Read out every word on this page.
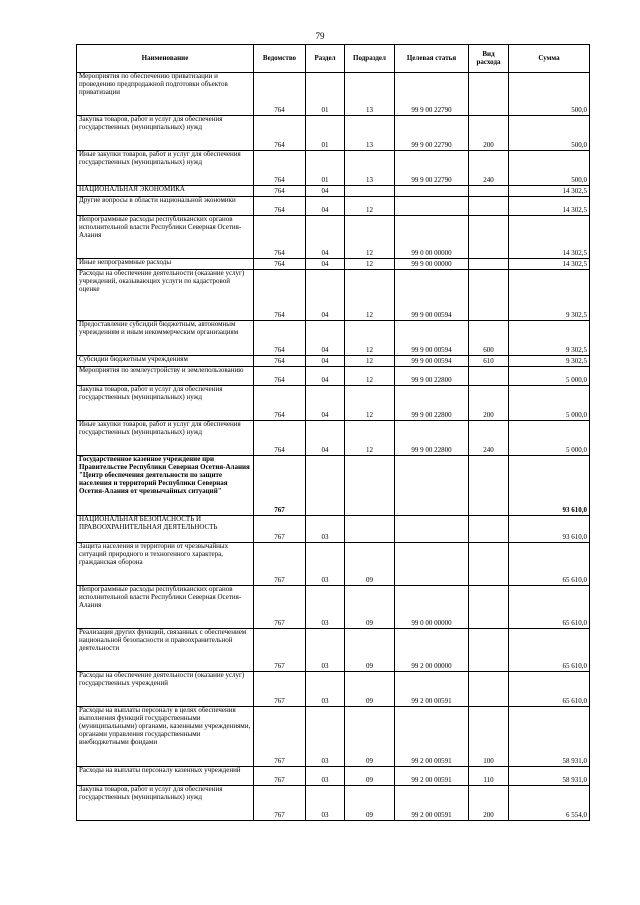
79
Наименование	Ведомство	Раздел	Подраздел	Целевая статья	Вид расхода	Сумма
Мероприятия по обеспечению приватизации и проведению предпродажной подготовки объектов приватизации	764	01	13	99 9 00 22790		500,0
Закупка товаров, работ и услуг для обеспечения государственных (муниципальных) нужд	764	01	13	99 9 00 22790	200	500,0
Иные закупки товаров, работ и услуг для обеспечения государственных (муниципальных) нужд	764	01	13	99 9 00 22790	240	500,0
НАЦИОНАЛЬНАЯ ЭКОНОМИКА	764	04				14 302,5
Другие вопросы в области национальной экономики	764	04	12			14 302,5
Непрограммные расходы республиканских органов исполнительной власти Республики Северная Осетия-Алания	764	04	12	99 0 00 00000		14 302,5
Иные непрограммные расходы	764	04	12	99 9 00 00000		14 302,5
Расходы на обеспечение деятельности (оказание услуг) учреждений, оказывающих услуги по кадастровой оценке	764	04	12	99 9 00 00594		9 302,5
Предоставление субсидий бюджетным, автономным учреждениям и иным некоммерческим организациям	764	04	12	99 9 00 00594	600	9 302,5
Субсидии бюджетным учреждениям	764	04	12	99 9 00 00594	610	9 302,5
Мероприятия по землеустройству и землепользованию	764	04	12	99 9 00 22800		5 000,0
Закупка товаров, работ и услуг для обеспечения государственных (муниципальных) нужд	764	04	12	99 9 00 22800	200	5 000,0
Иные закупки товаров, работ и услуг для обеспечения государственных (муниципальных) нужд	764	04	12	99 9 00 22800	240	5 000,0
Государственное казенное учреждение при Правительстве Республики Северная Осетия-Алания "Центр обеспечения деятельности по защите населения и территорий Республики Северная Осетия-Алания от чрезвычайных ситуаций"	767					93 610,0
НАЦИОНАЛЬНАЯ БЕЗОПАСНОСТЬ И ПРАВООХРАНИТЕЛЬНАЯ ДЕЯТЕЛЬНОСТЬ	767	03				93 610,0
Защита населения и территории от чрезвычайных ситуаций природного и техногенного характера, гражданская оборона	767	03	09			65 610,0
Непрограммные расходы республиканских органов исполнительной власти Республики Северная Осетия-Алания	767	03	09	99 0 00 00000		65 610,0
Реализация других функций, связанных с обеспечением национальной безопасности и правоохранительной деятельности	767	03	09	99 2 00 00000		65 610,0
Расходы на обеспечение деятельности (оказание услуг) государственных учреждений	767	03	09	99 2 00 00591		65 610,0
Расходы на выплаты персоналу в целях обеспечения выполнения функций государственными (муниципальными) органами, казенными учреждениями, органами управления государственными внебюджетными фондами	767	03	09	99 2 00 00591	100	58 931,0
Расходы на выплаты персоналу казенных учреждений	767	03	09	99 2 00 00591	110	58 931,0
Закупка товаров, работ и услуг для обеспечения государственных (муниципальных) нужд	767	03	09	99 2 00 00591	200	6 554,0
